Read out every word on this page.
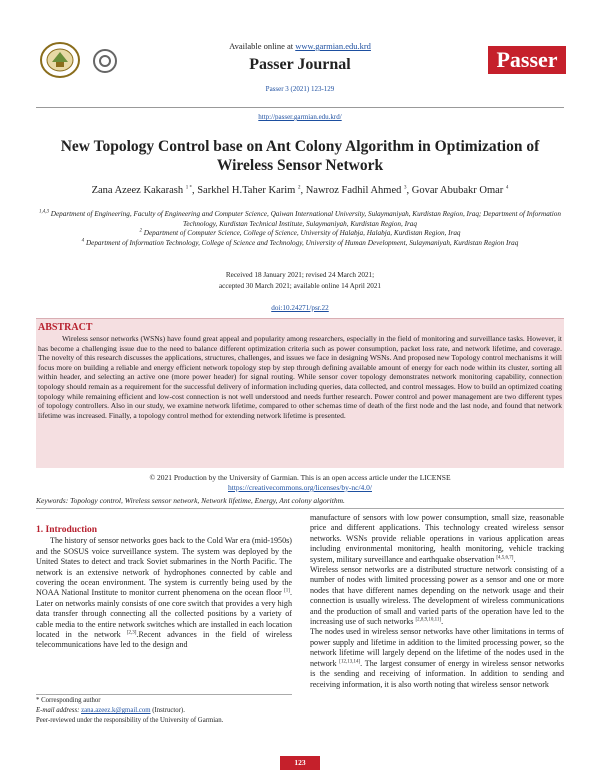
Passer
Available online at www.garmian.edu.krd
Passer Journal
Passer 3 (2021) 123-129
http://passer.garmian.edu.krd/
New Topology Control base on Ant Colony Algorithm in Optimization of Wireless Sensor Network
Zana Azeez Kakarash $^{1 *}$, Sarkhel H.Taher Karim $^2$, Nawroz Fadhil Ahmed $^3$, Govar Abubakr Omar $^4$
$^{1,4,3}$ Department of Engineering, Faculty of Engineering and Computer Science, Qaiwan International University, Sulaymaniyah, Kurdistan Region, Iraq; Department of Information Technology, Kurdistan Technical Institute, Sulaymaniyah, Kurdistan Region, Iraq
$^2$ Department of Computer Science, College of Science, University of Halabja, Halabja, Kurdistan Region, Iraq
$^4$ Department of Information Technology, College of Science and Technology, University of Human Development, Sulaymaniyah, Kurdistan Region Iraq
Received 18 January 2021; revised 24 March 2021;
accepted 30 March 2021; available online 14 April 2021
doi:10.24271/psr.22
ABSTRACT

Wireless sensor networks (WSNs) have found great appeal and popularity among researchers, especially in the field of monitoring and surveillance tasks. However, it has become a challenging issue due to the need to balance different optimization criteria such as power consumption, packet loss rate, and network lifetime, and coverage. The novelty of this research discusses the applications, structures, challenges, and issues we face in designing WSNs. And proposed new Topology control mechanisms it will focus more on building a reliable and energy efficient network topology step by step through defining available amount of energy for each node within its cluster, sorting all within header, and selecting an active one (more power header) for signal routing. While sensor cover topology demonstrates network monitoring capability, connection topology should remain as a requirement for the successful delivery of information including queries, data collected, and control messages. How to build an optimized coating topology while remaining efficient and low-cost connection is not well understood and needs further research. Power control and power management are two different types of topology controllers. Also in our study, we examine network lifetime, compared to other schemas time of death of the first node and the last node, and found that network lifetime was increased. Finally, a topology control method for extending network lifetime is presented.

© 2021 Production by the University of Garmian. This is an open access article under the LICENSE
https://creativecommons.org/licenses/by-nc/4.0/
Keywords: Topology control, Wireless sensor network, Network lifetime, Energy, Ant colony algorithm.
1. Introduction

The history of sensor networks goes back to the Cold War era (mid-1950s) and the SOSUS voice surveillance system. The system was deployed by the United States to detect and track Soviet submarines in the North Pacific. The network is an extensive network of hydrophones connected by cable and covering the ocean environment. The system is currently being used by the NOAA National Institute to monitor current phenomena on the ocean floor [1]. Later on networks mainly consists of one core switch that provides a very high data transfer through connecting all the collected positions by a variety of cable media to the entire network switches which are installed in each location located in the network [2,3].Recent advances in the field of wireless telecommunications have led to the design and

manufacture of sensors with low power consumption, small size, reasonable price and different applications. This technology created wireless sensor networks. WSNs provide reliable operations in various application areas including environmental monitoring, health monitoring, vehicle tracking system, military surveillance and earthquake observation [4,5,6,7].

Wireless sensor networks are a distributed structure network consisting of a number of nodes with limited processing power as a sensor and one or more nodes that have different names depending on the network usage and their connection is usually wireless. The development of wireless communications and the production of small and varied parts of the operation have led to the increasing use of such networks [2,8,9,10,11].

The nodes used in wireless sensor networks have other limitations in terms of power supply and lifetime in addition to the limited processing power, so the network lifetime will largely depend on the lifetime of the nodes used in the network [12,13,14]. The largest consumer of energy in wireless sensor networks is the sending and receiving of information. In addition to sending and receiving information, it is also worth noting that wireless sensor network

* Corresponding author
E-mail address: zana.azeez.k@gmail.com (Instructor).
Peer-reviewed under the responsibility of the University of Garmian.
123
